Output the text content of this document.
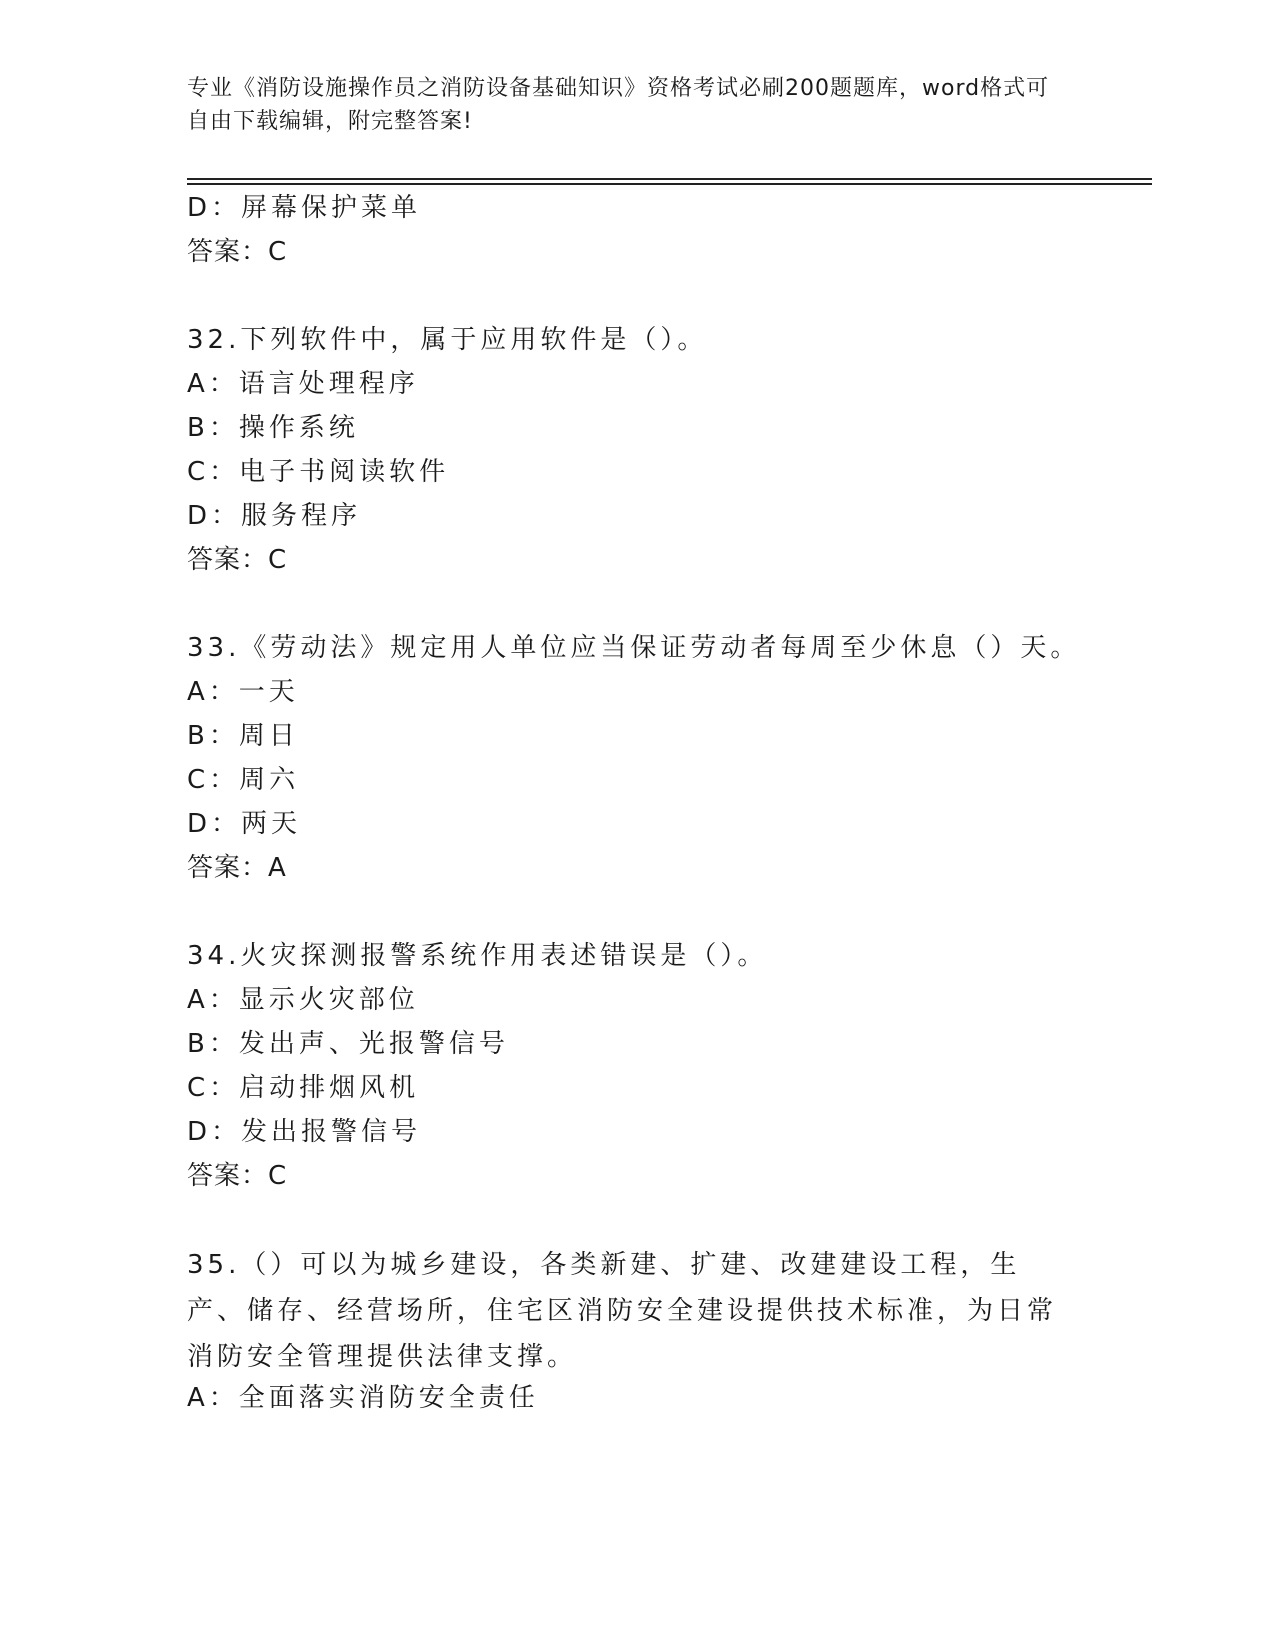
专业《消防设施操作员之消防设备基础知识》资格考试必刷200题题库，word格式可自由下载编辑，附完整答案!
D：屏幕保护菜单
答案：C
32.下列软件中，属于应用软件是（）。
A：语言处理程序
B：操作系统
C：电子书阅读软件
D：服务程序
答案：C
33.《劳动法》规定用人单位应当保证劳动者每周至少休息（）天。
A：一天
B：周日
C：周六
D：两天
答案：A
34.火灾探测报警系统作用表述错误是（）。
A：显示火灾部位
B：发出声、光报警信号
C：启动排烟风机
D：发出报警信号
答案：C
35.（）可以为城乡建设，各类新建、扩建、改建建设工程，生产、储存、经营场所，住宅区消防安全建设提供技术标准，为日常消防安全管理提供法律支撑。
A：全面落实消防安全责任
